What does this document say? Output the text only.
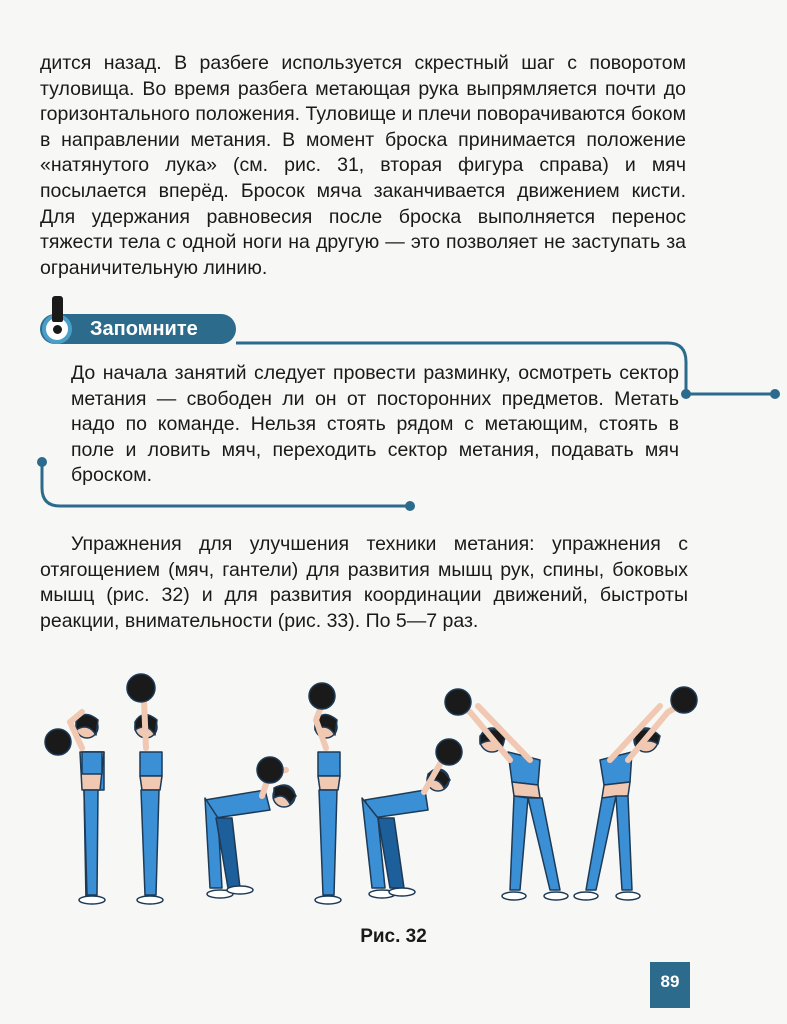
дится назад. В разбеге используется скрестный шаг с поворотом туловища. Во время разбега метающая рука выпрямляется почти до горизонтального положения. Туловище и плечи поворачиваются боком в направлении метания. В момент броска принимается положение «натянутого лука» (см. рис. 31, вторая фигура справа) и мяч посылается вперёд. Бросок мяча заканчивается движением кисти. Для удержания равновесия после броска выполняется перенос тяжести тела с одной ноги на другую — это позволяет не заступать за ограничительную линию.

Запомните

До начала занятий следует провести разминку, осмотреть сектор метания — свободен ли он от посторонних предметов. Метать надо по команде. Нельзя стоять рядом с метающим, стоять в поле и ловить мяч, переходить сектор метания, подавать мяч броском.

Упражнения для улучшения техники метания: упражнения с отягощением (мяч, гантели) для развития мышц рук, спины, боковых мышц (рис. 32) и для развития координации движений, быстроты реакции, внимательности (рис. 33). По 5—7 раз.

Рис. 32
89
